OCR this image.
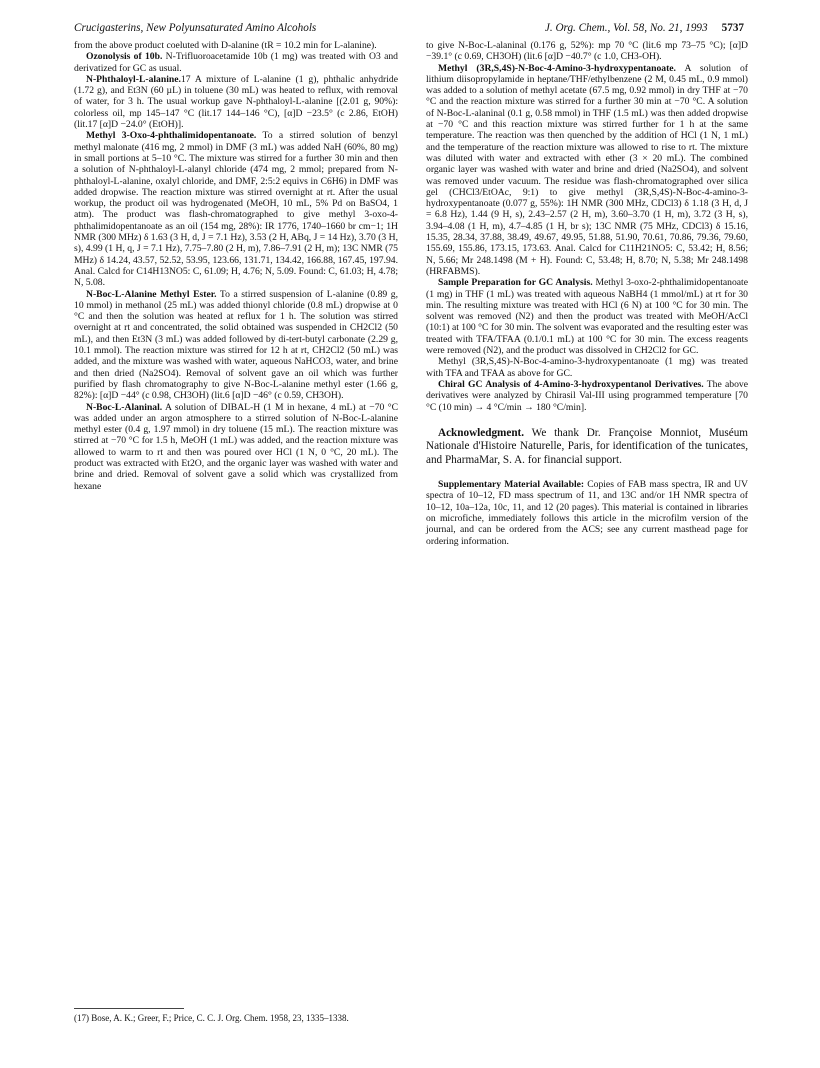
Crucigasterins, New Polyunsaturated Amino Alcohols	J. Org. Chem., Vol. 58, No. 21, 1993 5737

from the above product coeluted with D-alanine (tR = 10.2 min for L-alanine).

Ozonolysis of 10b. N-Trifluoroacetamide 10b (1 mg) was treated with O3 and derivatized for GC as usual.

N-Phthaloyl-L-alanine.17 A mixture of L-alanine (1 g), phthalic anhydride (1.72 g), and Et3N (60 µL) in toluene (30 mL) was heated to reflux, with removal of water, for 3 h. The usual workup gave N-phthaloyl-L-alanine [(2.01 g, 90%): colorless oil, mp 145–147 °C (lit.17 144–146 °C), [α]D −23.5° (c 2.86, EtOH) (lit.17 [α]D −24.0° (EtOH)].

Methyl 3-Oxo-4-phthalimidopentanoate. To a stirred solution of benzyl methyl malonate (416 mg, 2 mmol) in DMF (3 mL) was added NaH (60%, 80 mg) in small portions at 5–10 °C. The mixture was stirred for a further 30 min and then a solution of N-phthaloyl-L-alanyl chloride (474 mg, 2 mmol; prepared from N-phthaloyl-L-alanine, oxalyl chloride, and DMF, 2:5:2 equivs in C6H6) in DMF was added dropwise. The reaction mixture was stirred overnight at rt. After the usual workup, the product oil was hydrogenated (MeOH, 10 mL, 5% Pd on BaSO4, 1 atm). The product was flash-chromatographed to give methyl 3-oxo-4-phthalimidopentanoate as an oil (154 mg, 28%): IR 1776, 1740–1660 br cm−1; 1H NMR (300 MHz) δ 1.63 (3 H, d, J = 7.1 Hz), 3.53 (2 H, ABq, J = 14 Hz), 3.70 (3 H, s), 4.99 (1 H, q, J = 7.1 Hz), 7.75–7.80 (2 H, m), 7.86–7.91 (2 H, m); 13C NMR (75 MHz) δ 14.24, 43.57, 52.52, 53.95, 123.66, 131.71, 134.42, 166.88, 167.45, 197.94. Anal. Calcd for C14H13NO5: C, 61.09; H, 4.76; N, 5.09. Found: C, 61.03; H, 4.78; N, 5.08.

N-Boc-L-Alanine Methyl Ester. To a stirred suspension of L-alanine (0.89 g, 10 mmol) in methanol (25 mL) was added thionyl chloride (0.8 mL) dropwise at 0 °C and then the solution was heated at reflux for 1 h. The solution was stirred overnight at rt and concentrated, the solid obtained was suspended in CH2Cl2 (50 mL), and then Et3N (3 mL) was added followed by di-tert-butyl carbonate (2.29 g, 10.1 mmol). The reaction mixture was stirred for 12 h at rt, CH2Cl2 (50 mL) was added, and the mixture was washed with water, aqueous NaHCO3, water, and brine and then dried (Na2SO4). Removal of solvent gave an oil which was further purified by flash chromatography to give N-Boc-L-alanine methyl ester (1.66 g, 82%): [α]D −44° (c 0.98, CH3OH) (lit.6 [α]D −46° (c 0.59, CH3OH).

N-Boc-L-Alaninal. A solution of DIBAL-H (1 M in hexane, 4 mL) at −70 °C was added under an argon atmosphere to a stirred solution of N-Boc-L-alanine methyl ester (0.4 g, 1.97 mmol) in dry toluene (15 mL). The reaction mixture was stirred at −70 °C for 1.5 h, MeOH (1 mL) was added, and the reaction mixture was allowed to warm to rt and then was poured over HCl (1 N, 0 °C, 20 mL). The product was extracted with Et2O, and the organic layer was washed with water and brine and dried. Removal of solvent gave a solid which was crystallized from hexane

to give N-Boc-L-alaninal (0.176 g, 52%): mp 70 °C (lit.6 mp 73–75 °C); [α]D −39.1° (c 0.69, CH3OH) (lit.6 [α]D −40.7° (c 1.0, CH3-OH).

Methyl (3R,S,4S)-N-Boc-4-Amino-3-hydroxypentanoate. A solution of lithium diisopropylamide in heptane/THF/ethylbenzene (2 M, 0.45 mL, 0.9 mmol) was added to a solution of methyl acetate (67.5 mg, 0.92 mmol) in dry THF at −70 °C and the reaction mixture was stirred for a further 30 min at −70 °C. A solution of N-Boc-L-alaninal (0.1 g, 0.58 mmol) in THF (1.5 mL) was then added dropwise at −70 °C and this reaction mixture was stirred further for 1 h at the same temperature. The reaction was then quenched by the addition of HCl (1 N, 1 mL) and the temperature of the reaction mixture was allowed to rise to rt. The mixture was diluted with water and extracted with ether (3 × 20 mL). The combined organic layer was washed with water and brine and dried (Na2SO4), and solvent was removed under vacuum. The residue was flash-chromatographed over silica gel (CHCl3/EtOAc, 9:1) to give methyl (3R,S,4S)-N-Boc-4-amino-3-hydroxypentanoate (0.077 g, 55%): 1H NMR (300 MHz, CDCl3) δ 1.18 (3 H, d, J = 6.8 Hz), 1.44 (9 H, s), 2.43–2.57 (2 H, m), 3.60–3.70 (1 H, m), 3.72 (3 H, s), 3.94–4.08 (1 H, m), 4.7–4.85 (1 H, br s); 13C NMR (75 MHz, CDCl3) δ 15.16, 15.35, 28.34, 37.88, 38.49, 49.67, 49.95, 51.88, 51.90, 70.61, 70.86, 79.36, 79.60, 155.69, 155.86, 173.15, 173.63. Anal. Calcd for C11H21NO5: C, 53.42; H, 8.56; N, 5.66; Mr 248.1498 (M + H). Found: C, 53.48; H, 8.70; N, 5.38; Mr 248.1498 (HRFABMS).

Sample Preparation for GC Analysis. Methyl 3-oxo-2-phthalimidopentanoate (1 mg) in THF (1 mL) was treated with aqueous NaBH4 (1 mmol/mL) at rt for 30 min. The resulting mixture was treated with HCl (6 N) at 100 °C for 30 min. The solvent was removed (N2) and then the product was treated with MeOH/AcCl (10:1) at 100 °C for 30 min. The solvent was evaporated and the resulting ester was treated with TFA/TFAA (0.1/0.1 mL) at 100 °C for 30 min. The excess reagents were removed (N2), and the product was dissolved in CH2Cl2 for GC.

Methyl (3R,S,4S)-N-Boc-4-amino-3-hydroxypentanoate (1 mg) was treated with TFA and TFAA as above for GC.

Chiral GC Analysis of 4-Amino-3-hydroxypentanol Derivatives. The above derivatives were analyzed by Chirasil Val-III using programmed temperature [70 °C (10 min) → 4 °C/min → 180 °C/min].

Acknowledgment. We thank Dr. Françoise Monniot, Muséum Nationale d'Histoire Naturelle, Paris, for identification of the tunicates, and PharmaMar, S. A. for financial support.

Supplementary Material Available: Copies of FAB mass spectra, IR and UV spectra of 10–12, FD mass spectrum of 11, and 13C and/or 1H NMR spectra of 10–12, 10a–12a, 10c, 11, and 12 (20 pages). This material is contained in libraries on microfiche, immediately follows this article in the microfilm version of the journal, and can be ordered from the ACS; see any current masthead page for ordering information.

(17) Bose, A. K.; Greer, F.; Price, C. C. J. Org. Chem. 1958, 23, 1335–1338.
